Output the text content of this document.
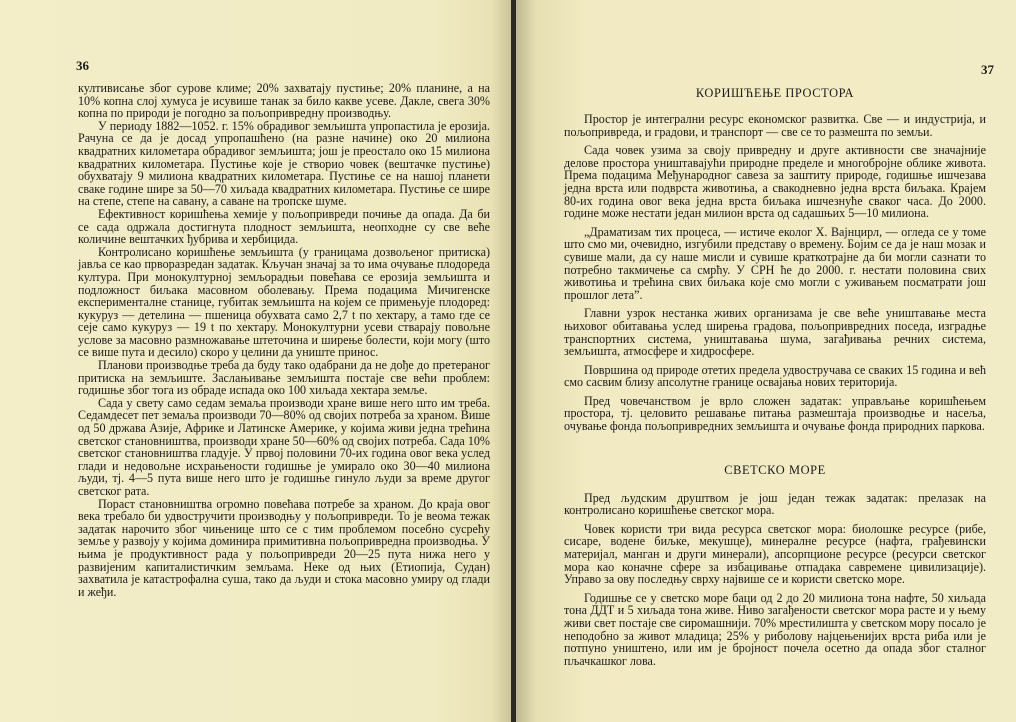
36

култивисање због сурове климе; 20% захватају пустиње; 20% планине, а на 10% копна слој хумуса је исувише танак за било какве усеве. Дакле, свега 30% копна по природи је погодно за пољопривредну производњу.

У периоду 1882—1052. г. 15% обрадивог земљишта упропастила је ерозија. Рачуна се да је досад упропашћено (на разне начине) око 20 милиона квадратних километара обрадивог земљишта; још је преостало око 15 милиона квадратних километара. Пустиње које је створио човек (вештачке пустиње) обухватају 9 милиона квадратних километара. Пустиње се на нашој планети сваке године шире за 50—70 хиљада квадратних километара. Пустиње се шире на степе, степе на саванy, а саване на тропске шуме.

Ефективност коришћења хемије у пољопривреди почиње да опада. Да би се сада одржала достигнута плодност земљишта, неопходне су све веће количине вештачких ђубрива и хербицида.

Контролисано коришћење земљишта (у границама дозвољеног притиска) јавља се као прворазредан задатак. Кључан значај за то има очување плодореда културa. При монокултурној земљорадњи повећава се ерозија земљишта и подложност биљака масовном оболевању. Према подацима Мичигенске експерименталне станице, губитак земљишта на којем се примењује плодоред: кукуруз — детелина — пшеница обухвата само 2,7 t по хектару, а тамо где се сеје само кукуруз — 19 t по хектару. Монокултурни усеви стварају повољне услове за масовно размножавање штеточина и ширење болести, који могу (што се више пута и десило) скоро у целини да униште принос.

Планови производње треба да буду тако одабрани да не дође до претераног притиска на земљиште. Заслањивање земљишта постаје све већи проблем: годишње због тога из обраде испада око 100 хиљада хектара земље.

Сада у свету само седам земаља производи хране више него што им треба. Седамдесет пет земаља производи 70—80% од својих потреба за храном. Више од 50 држава Азије, Африке и Латинске Америке, у којима живи једна трећина светског становништва, производи хране 50—60% од својих потреба. Сада 10% светског становништва гладује. У првој половини 70-их година овог века услед глади и недовољне исхрањености годишње је умирало око 30—40 милиона људи, тј. 4—5 пута више него што је годишње гинуло људи за време другог светског рата.

Пораст становништва огромно повећава потребе за храном. До краја овог века требало би удвостручити производњу у пољопривреди. То је веома тежак задатак нарочито због чињенице што се с тим проблемом посебно сусрећу земље у развоју у којима доминира примитивна пољопривредна производња. У њима је продуктивност рада у пољопривреди 20—25 пута нижа него у развијеним капиталистичким земљама. Неке од њих (Етиопија, Судан) захватила је катастрофална суша, тако да људи и стока масовно умиру од глади и жеђи.

37
КОРИШЋЕЊЕ ПРОСТОРА

Простор је интегрални ресурс економског развитка. Све — и индустрија, и пољопривреда, и градови, и транспорт — све се то размешта по земљи.

Сада човек узима за своју привредну и друге активности све значајније делове простора уништавајући природне пределе и многобројне облике живота. Према подацима Међународног савеза за заштиту природе, годишње ишчезава једна врста или подврста животиња, а свакодневно једна врста биљака. Крајем 80-их година овог века једна врста биљака ишчезнуће сваког часа. До 2000. године може нестати један милион врста од садашњих 5—10 милиона.

„Драматизам тих процеса, — истиче еколог Х. Вајнцирл, — огледа се у томе што смо ми, очевидно, изгубили представу о времену. Бојим се да је наш мозак и сувише мали, да су наше мисли и сувише краткотрајне да би могли сазнати то потребно такмичење са смрћу. У СРН ће до 2000. г. нестати половина свих животиња и трећина свих биљака које смо могли с уживањем посматрати још прошлог лета”.

Главни узрок нестанка живих организама је све веће уништавање места њиховог обитавања услед ширења градова, пољопривредних поседа, изградње транспортних система, уништавања шума, загађивања речних система, земљишта, атмосфере и хидросфере.

Површина од природе отетих предела удвостручава се сваких 15 година и већ смо сасвим близу апсолутне границе освајања нових територија.

Пред човечанством је врло сложен задатак: управљање коришћењем простора, тј. целовито решавање питања размештаја производње и насеља, очување фонда пољопривредних земљишта и очување фонда природних паркова.

СВЕТСКО МОРЕ

Пред људским друштвом је још један тежак задатак: прелазак на контролисано коришћење светског мора.

Човек користи три вида ресурса светског мора: биолошке ресурсе (рибе, сисаре, водене биљке, мекушце), минералне ресурсе (нафта, грађевински материјал, манган и други минерали), апсорпционе ресурсе (ресурси светског мора као коначне сфере за избацивање отпадака савремене цивилизације). Управо за ову последњу сврху највише се и користи светско море.

Годишње се у светско море баци од 2 до 20 милиона тона нафте, 50 хиљада тона ДДТ и 5 хиљада тона живе. Ниво загађености светског мора расте и у њему живи свет постаје све сиромашнији. 70% мрестилишта у светском мору посало је неподобно за живот младица; 25% у риболову најцењенијих врста риба или је потпуно уништено, или им је бројност почела осетно да опада због сталног пљачкашког лова.
